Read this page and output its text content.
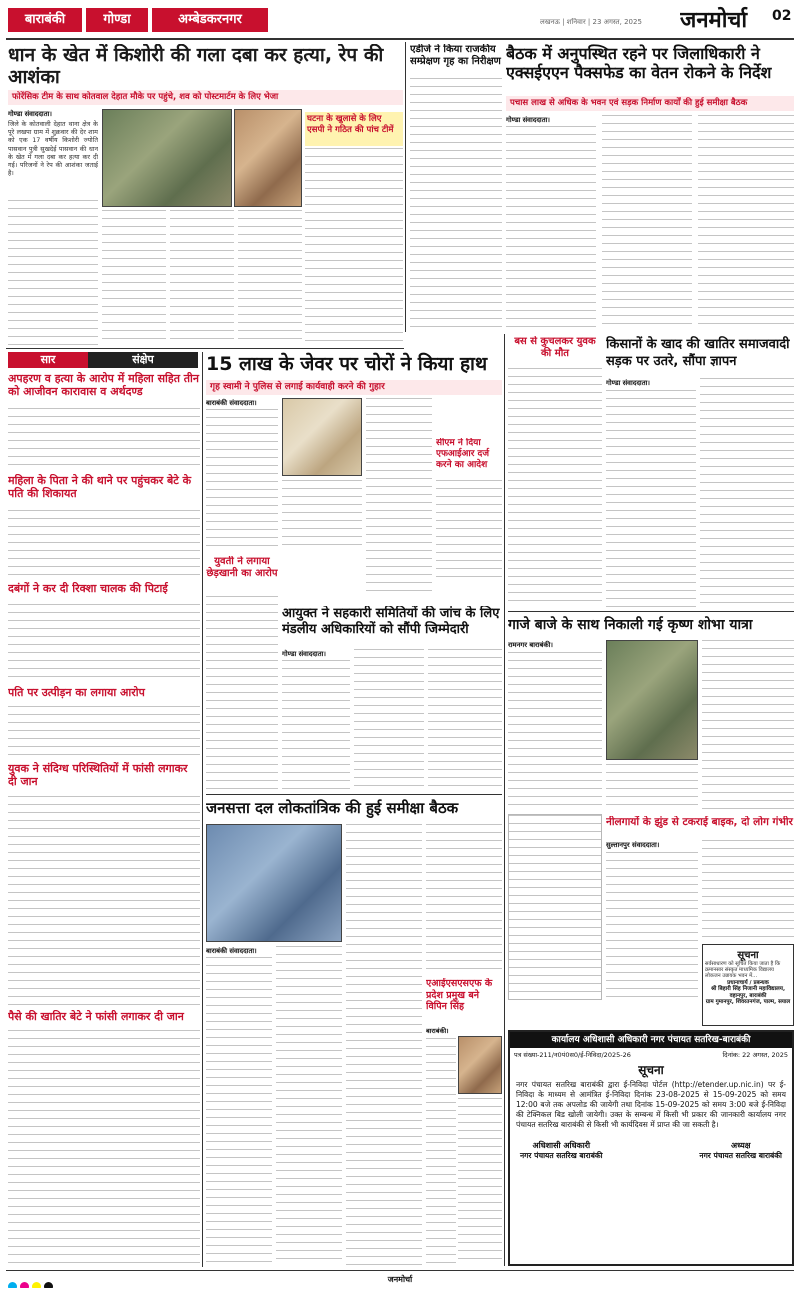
बाराबंकी	गोण्डा	अम्बेडकरनगर	लखनऊ | शनिवार | 23 अगस्त, 2025	जनमोर्चा	02
धान के खेत में किशोरी की गला दबा कर हत्या, रेप की आशंका
फोरेंसिक टीम के साथ कोतवाल देहात मौके पर पहुंचे, शव को पोस्टमार्टम के लिए भेजा
गोण्डा संवाददाता।
जिले के कोतवाली देहात थाना क्षेत्र के पूरे लखपा ग्राम में शुक्रवार की देर शाम को एक 17 वर्षीय किशोरी ज्योति पासवान पुत्री सुखदेई पासवान की धान के खेत में गला दबा कर हत्या कर दी गई। परिजनों ने रेप की आशंका जताई है।
घटना के खुलासे के लिए एसपी ने गठित की पांच टीमें
एडीजे ने किया राजकीय सम्प्रेक्षण गृह का निरीक्षण बैठक में अनुपस्थित रहने पर जिलाधिकारी ने एक्सईएएन पैक्सफेड का वेतन रोकने के निर्देश
पचास लाख से अधिक के भवन एवं सड़क निर्माण कार्यों की हुई समीक्षा बैठक
गोण्डा संवाददाता।
सार	संक्षेप
अपहरण व हत्या के आरोप में महिला सहित तीन को आजीवन कारावास व अर्थदण्ड
महिला के पिता ने की थाने पर पहुंचकर बेटे के पति की शिकायत
दबंगों ने कर दी रिक्शा चालक की पिटाई
पति पर उत्पीड़न का लगाया आरोप
युवक ने संदिग्ध परिस्थितियों में फांसी लगाकर दी जान
पैसे की खातिर बेटे ने फांसी लगाकर दी जान
15 लाख के जेवर पर चोरों ने किया हाथ
गृह स्वामी ने पुलिस से लगाई कार्यवाही करने की गुहार
बाराबंकी संवाददाता।
सीएम ने दिया एफआईआर दर्ज करने का आदेश
युवती ने लगाया छेड़खानी का आरोप
आयुक्त ने सहकारी समितियों की जांच के लिए मंडलीय अधिकारियों को सौंपी जिम्मेदारी
गोण्डा संवाददाता।
जनसत्ता दल लोकतांत्रिक की हुई समीक्षा बैठक
बाराबंकी संवाददाता।
एआईएसएसएफ के प्रदेश प्रमुख बने विपिन सिंह
बाराबंकी।
बस से कुचलकर युवक की मौत
किसानों के खाद की खातिर समाजवादी सड़क पर उतरे, सौंपा ज्ञापन
गोण्डा संवाददाता।
गाजे बाजे के साथ निकाली गई कृष्ण शोभा यात्रा
रामनगर बाराबंकी।
नीलगायों के झुंड से टकराई बाइक, दो लोग गंभीर
सुल्तानपुर संवाददाता।
सूचना
सर्वसाधारण को सूचित किया जाता है कि क्रमानसार संस्कृत माध्यमिक विद्यालय लोकजन उन्नायक भवन में...
प्रधानाचार्य / प्रबन्धक
श्री बिहारी सिंह निजानी महाविद्यालय, वहानपुर, बाराबंकी
ग्राम गुमानपुर, शिवरतनगंज, पाल्म, सयाल
कार्यालय अधिशासी अधिकारी नगर पंचायत सतरिख-बाराबंकी
पत्र संख्या-211/न0पं0स0/ई-निविदा/2025-26	दिनांक: 22 अगस्त, 2025
सूचना
नगर पंचायत सतरिख बाराबंकी द्वारा ई-निविदा पोर्टल (http://etender.up.nic.in) पर ई-निविदा के माध्यम से आमंत्रित ई-निविदा दिनांक 23-08-2025 से 15-09-2025 को समय 12:00 बजे तक अपलोड की जायेगी तथा दिनांक 15-09-2025 को समय 3:00 बजे ई-निविदा की टेक्निकल बिड खोली जायेगी। उक्त के सम्बन्ध में किसी भी प्रकार की जानकारी कार्यालय नगर पंचायत सतरिख बाराबंकी से किसी भी कार्यदिवस में प्राप्त की जा सकती है।
अधिशासी अधिकारी
नगर पंचायत सतरिख बाराबंकी
अध्यक्ष
नगर पंचायत सतरिख बाराबंकी
जनमोर्चा
